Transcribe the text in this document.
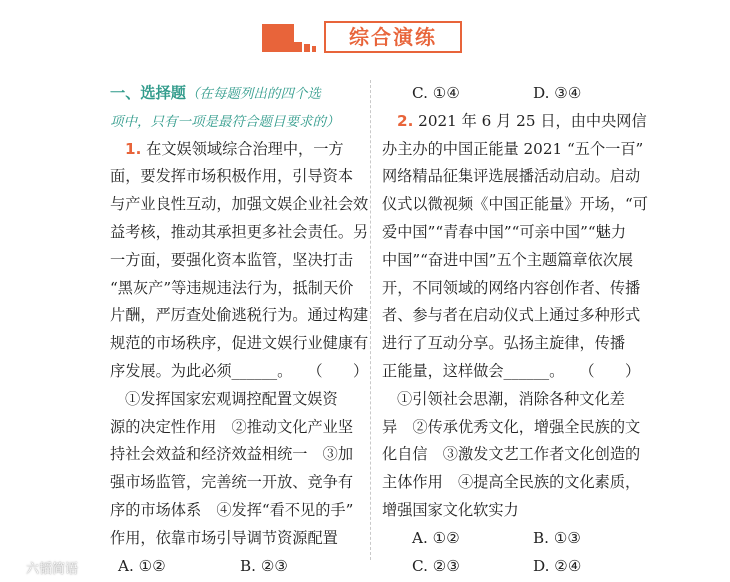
综合演练
一、选择题（在每题列出的四个选
项中，只有一项是最符合题目要求的）
1. 在文娱领域综合治理中，一方
面，要发挥市场积极作用，引导资本
与产业良性互动，加强文娱企业社会效
益考核，推动其承担更多社会责任。另
一方面，要强化资本监管，坚决打击
“黑灰产”等违规违法行为，抵制天价
片酬，严厉查处偷逃税行为。通过构建
规范的市场秩序，促进文娱行业健康有
序发展。为此必须______。　　（　　）
①发挥国家宏观调控配置文娱资
源的决定性作用　②推动文化产业坚
持社会效益和经济效益相统一　③加
强市场监管，完善统一开放、竞争有
序的市场体系　④发挥“看不见的手”
作用，依靠市场引导调节资源配置
A. ①②	B. ②③
C. ①④	D. ③④
2. 2021 年 6 月 25 日，由中央网信
办主办的中国正能量 2021 “五个一百”
网络精品征集评选展播活动启动。启动
仪式以微视频《中国正能量》开场，“可
爱中国”“青春中国”“可亲中国”“魅力
中国”“奋进中国”五个主题篇章依次展
开，不同领域的网络内容创作者、传播
者、参与者在启动仪式上通过多种形式
进行了互动分享。弘扬主旋律，传播
正能量，这样做会______。　　（　　）
①引领社会思潮，消除各种文化差
异　②传承优秀文化，增强全民族的文
化自信　③激发文艺工作者文化创造的
主体作用　④提高全民族的文化素质，
增强国家文化软实力
A. ①②	B. ①③
C. ②③	D. ②④
六韬简语
